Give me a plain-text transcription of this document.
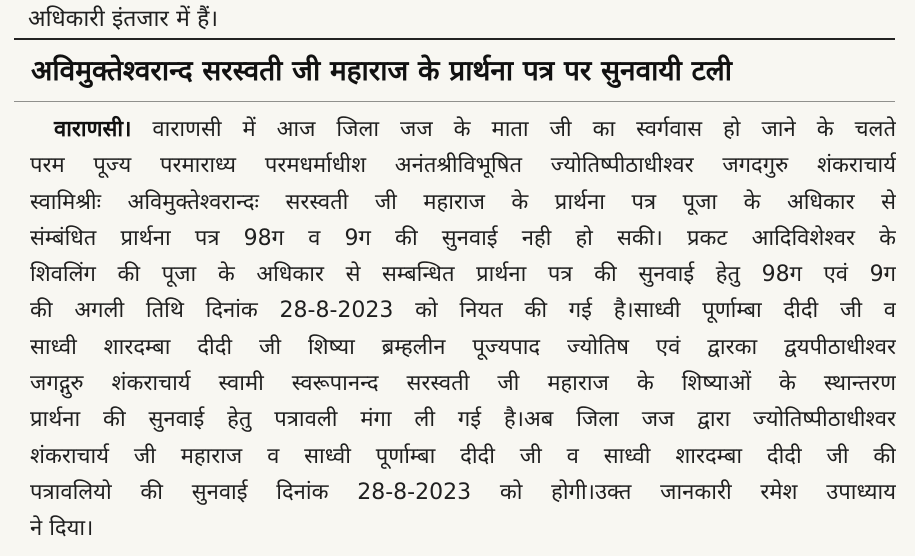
अधिकारी इंतजार में हैं।
अविमुक्तेश्वरान्द सरस्वती जी महाराज के प्रार्थना पत्र पर सुनवायी टली
वाराणसी। वाराणसी में आज जिला जज के माता जी का स्वर्गवास हो जाने के चलते
परम पूज्य परमाराध्य परमधर्माधीश अनंतश्रीविभूषित ज्योतिष्पीठाधीश्वर जगदगुरु शंकराचार्य
स्वामिश्रीः अविमुक्तेश्वरान्दः सरस्वती जी महाराज के प्रार्थना पत्र पूजा के अधिकार से
संम्बंधित प्रार्थना पत्र 98ग व 9ग की सुनवाई नही हो सकी। प्रकट आदिविशेश्वर के
शिवलिंग की पूजा के अधिकार से सम्बन्धित प्रार्थना पत्र की सुनवाई हेतु 98ग एवं 9ग
की अगली तिथि दिनांक 28-8-2023 को नियत की गई है।साध्वी पूर्णाम्बा दीदी जी व
साध्वी शारदम्बा दीदी जी शिष्या ब्रम्हलीन पूज्यपाद ज्योतिष एवं द्वारका द्वयपीठाधीश्वर
जगद्गुरु शंकराचार्य स्वामी स्वरूपानन्द सरस्वती जी महाराज के शिष्याओं के स्थान्तरण
प्रार्थना की सुनवाई हेतु पत्रावली मंगा ली गई है।अब जिला जज द्वारा ज्योतिष्पीठाधीश्वर
शंकराचार्य जी महाराज व साध्वी पूर्णाम्बा दीदी जी व साध्वी शारदम्बा दीदी जी की
पत्रावलियो की सुनवाई दिनांक 28-8-2023 को होगी।उक्त जानकारी रमेश उपाध्याय
ने दिया।
